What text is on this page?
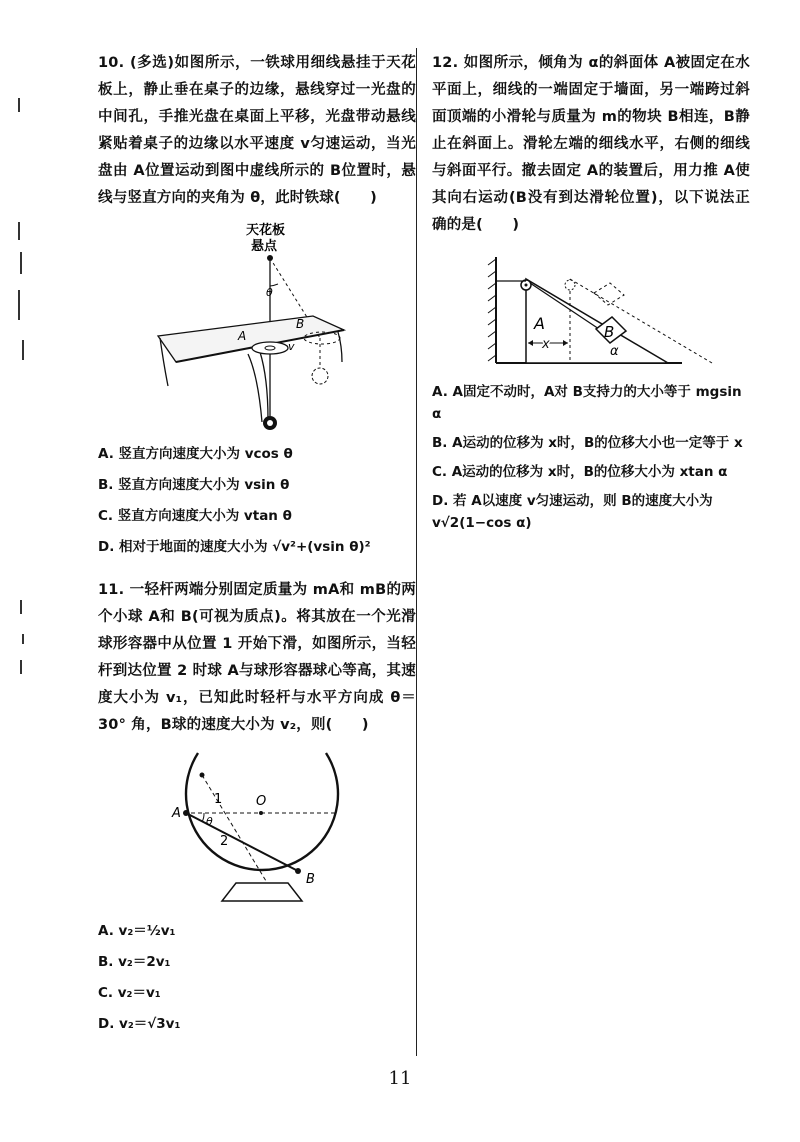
10. (多选)如图所示，一铁球用细线悬挂于天花板上，静止垂在桌子的边缘，悬线穿过一光盘的中间孔，手推光盘在桌面上平移，光盘带动悬线紧贴着桌子的边缘以水平速度 v匀速运动，当光盘由 A位置运动到图中虚线所示的 B位置时，悬线与竖直方向的夹角为 θ，此时铁球(　　)

天花板
悬点
θ
A
B
v

A. 竖直方向速度大小为 vcos θ

B. 竖直方向速度大小为 vsin θ

C. 竖直方向速度大小为 vtan θ

D. 相对于地面的速度大小为 √v²+(vsin θ)²

11. 一轻杆两端分别固定质量为 mA和 mB的两个小球 A和 B(可视为质点)。将其放在一个光滑球形容器中从位置 1 开始下滑，如图所示，当轻杆到达位置 2 时球 A与球形容器球心等高，其速度大小为 v₁，已知此时轻杆与水平方向成 θ＝30° 角，B球的速度大小为 v₂，则(　　)

O
1
2
A
B
θ

A. v₂＝½v₁

B. v₂＝2v₁

C. v₂＝v₁

D. v₂＝√3v₁

12. 如图所示，倾角为 α的斜面体 A被固定在水平面上，细线的一端固定于墙面，另一端跨过斜面顶端的小滑轮与质量为 m的物块 B相连，B静止在斜面上。滑轮左端的细线水平，右侧的细线与斜面平行。撤去固定 A的装置后，用力推 A使其向右运动(B没有到达滑轮位置)，以下说法正确的是(　　)

A	B
x	α

A. A固定不动时，A对 B支持力的大小等于 mgsin α

B. A运动的位移为 x时，B的位移大小也一定等于 x

C. A运动的位移为 x时，B的位移大小为 xtan α

D. 若 A以速度 v匀速运动，则 B的速度大小为 v√2(1−cos α)

11
